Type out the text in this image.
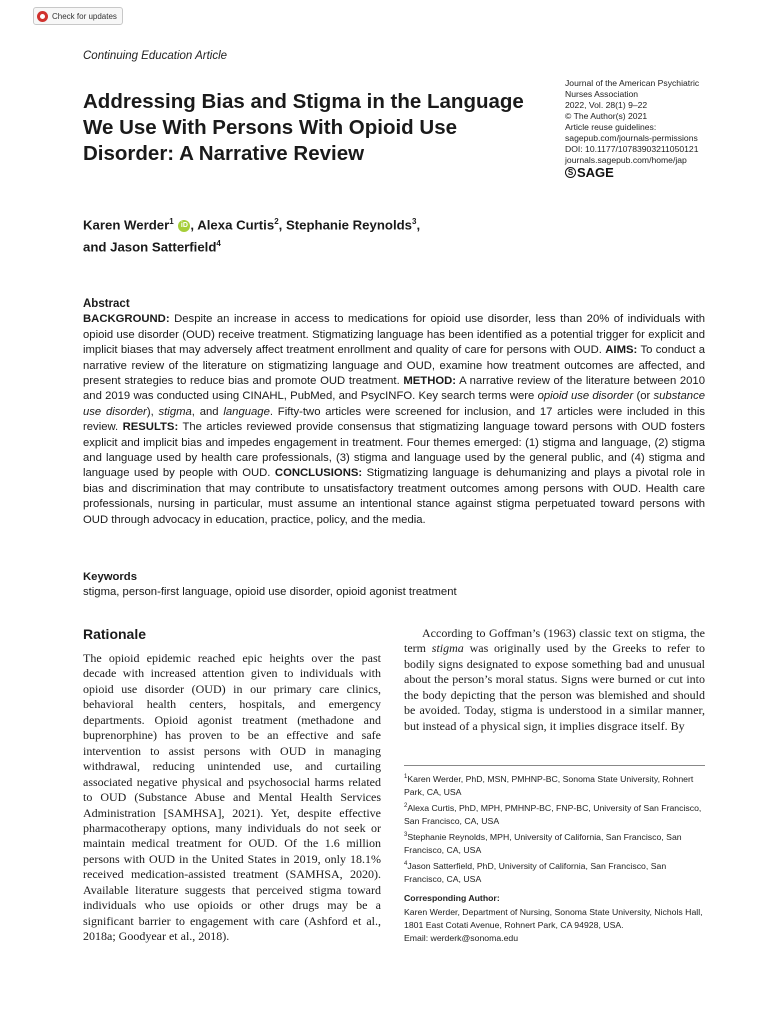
Check for updates
Continuing Education Article
Addressing Bias and Stigma in the Language We Use With Persons With Opioid Use Disorder: A Narrative Review
Journal of the American Psychiatric
Nurses Association
2022, Vol. 28(1) 9–22
© The Author(s) 2021
Article reuse guidelines:
sagepub.com/journals-permissions
DOI: 10.1177/10783903211050121
journals.sagepub.com/home/jap
S SAGE
Karen Werder$^1$ iD , Alexa Curtis$^2$, Stephanie Reynolds$^3$,
and Jason Satterfield$^4$
Abstract
BACKGROUND: Despite an increase in access to medications for opioid use disorder, less than 20% of individuals with opioid use disorder (OUD) receive treatment. Stigmatizing language has been identified as a potential trigger for explicit and implicit biases that may adversely affect treatment enrollment and quality of care for persons with OUD. AIMS: To conduct a narrative review of the literature on stigmatizing language and OUD, examine how treatment outcomes are affected, and present strategies to reduce bias and promote OUD treatment. METHOD: A narrative review of the literature between 2010 and 2019 was conducted using CINAHL, PubMed, and PsycINFO. Key search terms were opioid use disorder (or substance use disorder), stigma, and language. Fifty-two articles were screened for inclusion, and 17 articles were included in this review. RESULTS: The articles reviewed provide consensus that stigmatizing language toward persons with OUD fosters explicit and implicit bias and impedes engagement in treatment. Four themes emerged: (1) stigma and language, (2) stigma and language used by health care professionals, (3) stigma and language used by the general public, and (4) stigma and language used by people with OUD. CONCLUSIONS: Stigmatizing language is dehumanizing and plays a pivotal role in bias and discrimination that may contribute to unsatisfactory treatment outcomes among persons with OUD. Health care professionals, nursing in particular, must assume an intentional stance against stigma perpetuated toward persons with OUD through advocacy in education, practice, policy, and the media.
Keywords
stigma, person-first language, opioid use disorder, opioid agonist treatment
Rationale

The opioid epidemic reached epic heights over the past decade with increased attention given to individuals with opioid use disorder (OUD) in our primary care clinics, behavioral health centers, hospitals, and emergency departments. Opioid agonist treatment (methadone and buprenorphine) has proven to be an effective and safe intervention to assist persons with OUD in managing withdrawal, reducing unintended use, and curtailing associated negative physical and psychosocial harms related to OUD (Substance Abuse and Mental Health Services Administration [SAMHSA], 2021). Yet, despite effective pharmacotherapy options, many individuals do not seek or maintain medical treatment for OUD. Of the 1.6 million persons with OUD in the United States in 2019, only 18.1% received medication-assisted treatment (SAMHSA, 2020). Available literature suggests that perceived stigma toward individuals who use opioids or other drugs may be a significant barrier to engagement with care (Ashford et al., 2018a; Goodyear et al., 2018).

According to Goffman’s (1963) classic text on stigma, the term stigma was originally used by the Greeks to refer to bodily signs designated to expose something bad and unusual about the person’s moral status. Signs were burned or cut into the body depicting that the person was blemished and should be avoided. Today, stigma is understood in a similar manner, but instead of a physical sign, it implies disgrace itself. By

$^1$Karen Werder, PhD, MSN, PMHNP-BC, Sonoma State University, Rohnert Park, CA, USA
$^2$Alexa Curtis, PhD, MPH, PMHNP-BC, FNP-BC, University of San Francisco, San Francisco, CA, USA
$^3$Stephanie Reynolds, MPH, University of California, San Francisco, San Francisco, CA, USA
$^4$Jason Satterfield, PhD, University of California, San Francisco, San Francisco, CA, USA
Corresponding Author:
Karen Werder, Department of Nursing, Sonoma State University, Nichols Hall, 1801 East Cotati Avenue, Rohnert Park, CA 94928, USA.
Email: werderk@sonoma.edu
